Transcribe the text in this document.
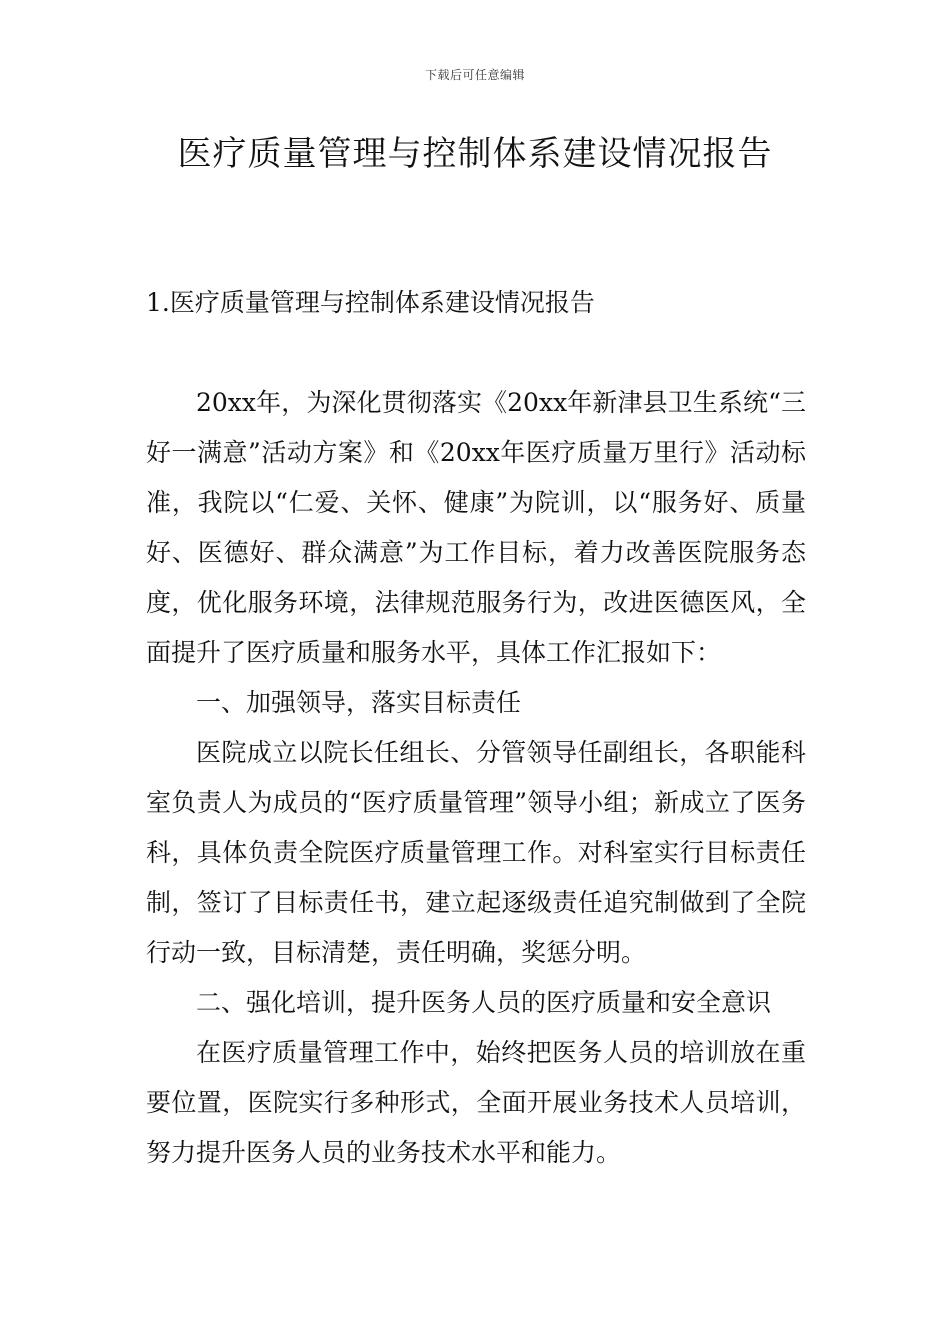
下载后可任意编辑
医疗质量管理与控制体系建设情况报告

1.医疗质量管理与控制体系建设情况报告

20xx年，为深化贯彻落实《20xx年新津县卫生系统“三好一满意”活动方案》和《20xx年医疗质量万里行》活动标准，我院以“仁爱、关怀、健康”为院训，以“服务好、质量好、医德好、群众满意”为工作目标，着力改善医院服务态度，优化服务环境，法律规范服务行为，改进医德医风，全面提升了医疗质量和服务水平，具体工作汇报如下：

一、加强领导，落实目标责任

医院成立以院长任组长、分管领导任副组长，各职能科室负责人为成员的“医疗质量管理”领导小组；新成立了医务科，具体负责全院医疗质量管理工作。对科室实行目标责任制，签订了目标责任书，建立起逐级责任追究制做到了全院行动一致，目标清楚，责任明确，奖惩分明。

二、强化培训，提升医务人员的医疗质量和安全意识

在医疗质量管理工作中，始终把医务人员的培训放在重要位置，医院实行多种形式，全面开展业务技术人员培训，努力提升医务人员的业务技术水平和能力。
